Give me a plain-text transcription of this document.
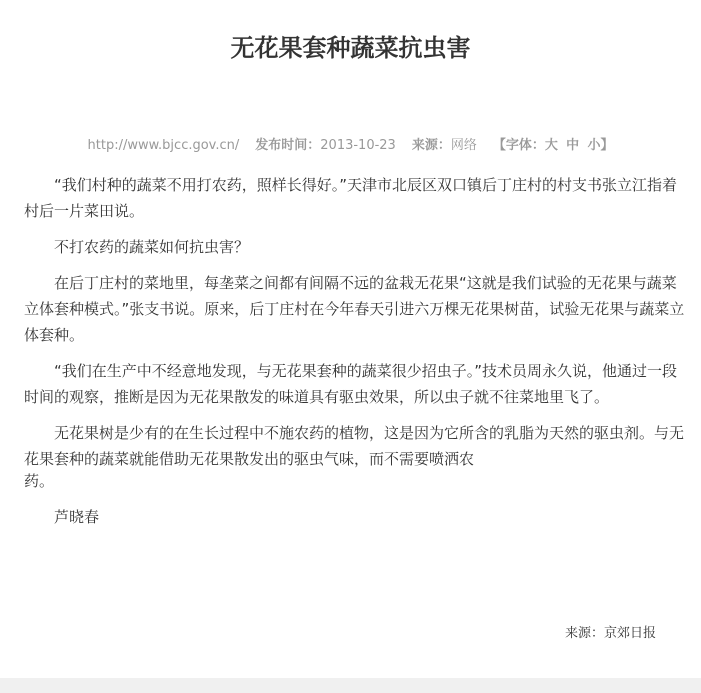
无花果套种蔬菜抗虫害
http://www.bjcc.gov.cn/ 发布时间：2013-10-23 来源：网络 【字体：大 中 小】

“我们村种的蔬菜不用打农药，照样长得好。”天津市北辰区双口镇后丁庄村的村支书张立江指着村后一片菜田说。

不打农药的蔬菜如何抗虫害？

在后丁庄村的菜地里，每垄菜之间都有间隔不远的盆栽无花果“这就是我们试验的无花果与蔬菜立体套种模式。”张支书说。原来，后丁庄村在今年春天引进六万棵无花果树苗，试验无花果与蔬菜立体套种。

“我们在生产中不经意地发现，与无花果套种的蔬菜很少招虫子。”技术员周永久说，他通过一段时间的观察，推断是因为无花果散发的味道具有驱虫效果，所以虫子就不往菜地里飞了。

无花果树是少有的在生长过程中不施农药的植物，这是因为它所含的乳脂为天然的驱虫剂。与无花果套种的蔬菜就能借助无花果散发出的驱虫气味，而不需要喷洒农

药。

芦晓春

来源：京郊日报
